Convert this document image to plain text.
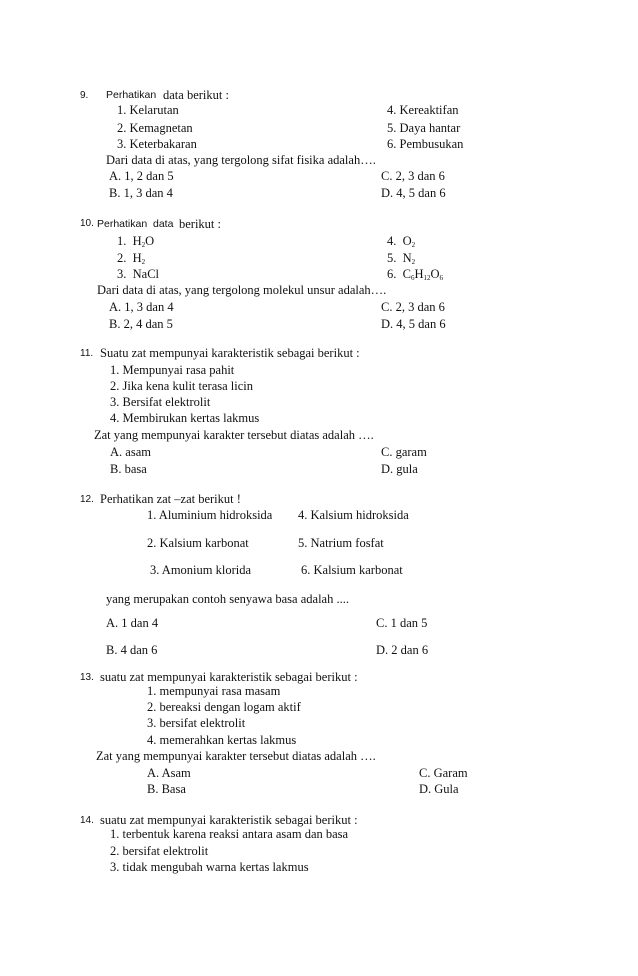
9. Perhatikan data berikut :
1. Kelarutan
2. Kemagnetan
3. Keterbakaran
4. Kereaktifan
5. Daya hantar
6. Pembusukan
Dari data di atas, yang tergolong sifat fisika adalah….
A. 1, 2 dan 5
B. 1, 3 dan 4
C. 2, 3 dan 6
D. 4, 5 dan 6
10. Perhatikan data berikut :
1. $H_2O$
2. $H_2$
3. NaCl
4. $O_2$
5. $N_2$
6. $C_6H_{12}O_6$
Dari data di atas, yang tergolong molekul unsur adalah….
A. 1, 3 dan 4
B. 2, 4 dan 5
C. 2, 3 dan 6
D. 4, 5 dan 6
11. Suatu zat mempunyai karakteristik sebagai berikut :
1. Mempunyai rasa pahit
2. Jika kena kulit terasa licin
3. Bersifat elektrolit
4. Membirukan kertas lakmus
Zat yang mempunyai karakter tersebut diatas adalah ….
A. asam
B. basa
C. garam
D. gula
12. Perhatikan zat –zat berikut !
1. Aluminium hidroksida 4. Kalsium hidroksida
2. Kalsium karbonat	5. Natrium fosfat
3. Amonium klorida	6. Kalsium karbonat
yang merupakan contoh senyawa basa adalah ....
A. 1 dan 4
B. 4 dan 6
C. 1 dan 5
D. 2 dan 6
13. suatu zat mempunyai karakteristik sebagai berikut :
1. mempunyai rasa masam
2. bereaksi dengan logam aktif
3. bersifat elektrolit
4. memerahkan kertas lakmus
Zat yang mempunyai karakter tersebut diatas adalah ….
A. Asam
B. Basa
C. Garam
D. Gula
14. suatu zat mempunyai karakteristik sebagai berikut :
1. terbentuk karena reaksi antara asam dan basa
2. bersifat elektrolit
3. tidak mengubah warna kertas lakmus
